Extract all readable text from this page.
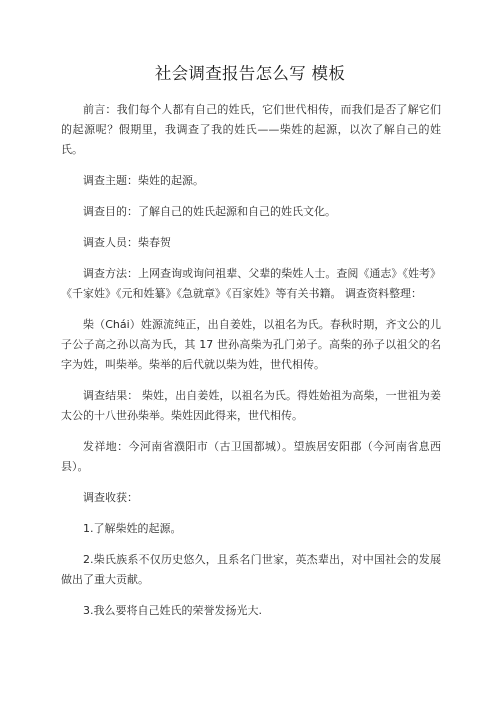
社会调查报告怎么写 模板

前言：我们每个人都有自己的姓氏，它们世代相传，而我们是否了解它们的起源呢？假期里，我调查了我的姓氏——柴姓的起源，以次了解自己的姓氏。

调查主题：柴姓的起源。

调查目的：了解自己的姓氏起源和自己的姓氏文化。

调查人员：柴春贺

调查方法：上网查询或询问祖辈、父辈的柴姓人士。查阅《通志》《姓考》《千家姓》《元和姓纂》《急就章》《百家姓》等有关书籍。 调查资料整理：

柴（Chái）姓源流纯正，出自姜姓，以祖名为氏。春秋时期，齐文公的儿子公子高之孙以高为氏，其 17 世孙高柴为孔门弟子。高柴的孙子以祖父的名字为姓，叫柴举。柴举的后代就以柴为姓，世代相传。

调查结果： 柴姓，出自姜姓，以祖名为氏。得姓始祖为高柴，一世祖为姜太公的十八世孙柴举。柴姓因此得来，世代相传。

发祥地：今河南省濮阳市（古卫国都城）。望族居安阳郡（今河南省息西县）。

调查收获：

1.了解柴姓的起源。

2.柴氏族系不仅历史悠久，且系名门世家，英杰辈出，对中国社会的发展做出了重大贡献。

3.我么要将自己姓氏的荣誉发扬光大.
